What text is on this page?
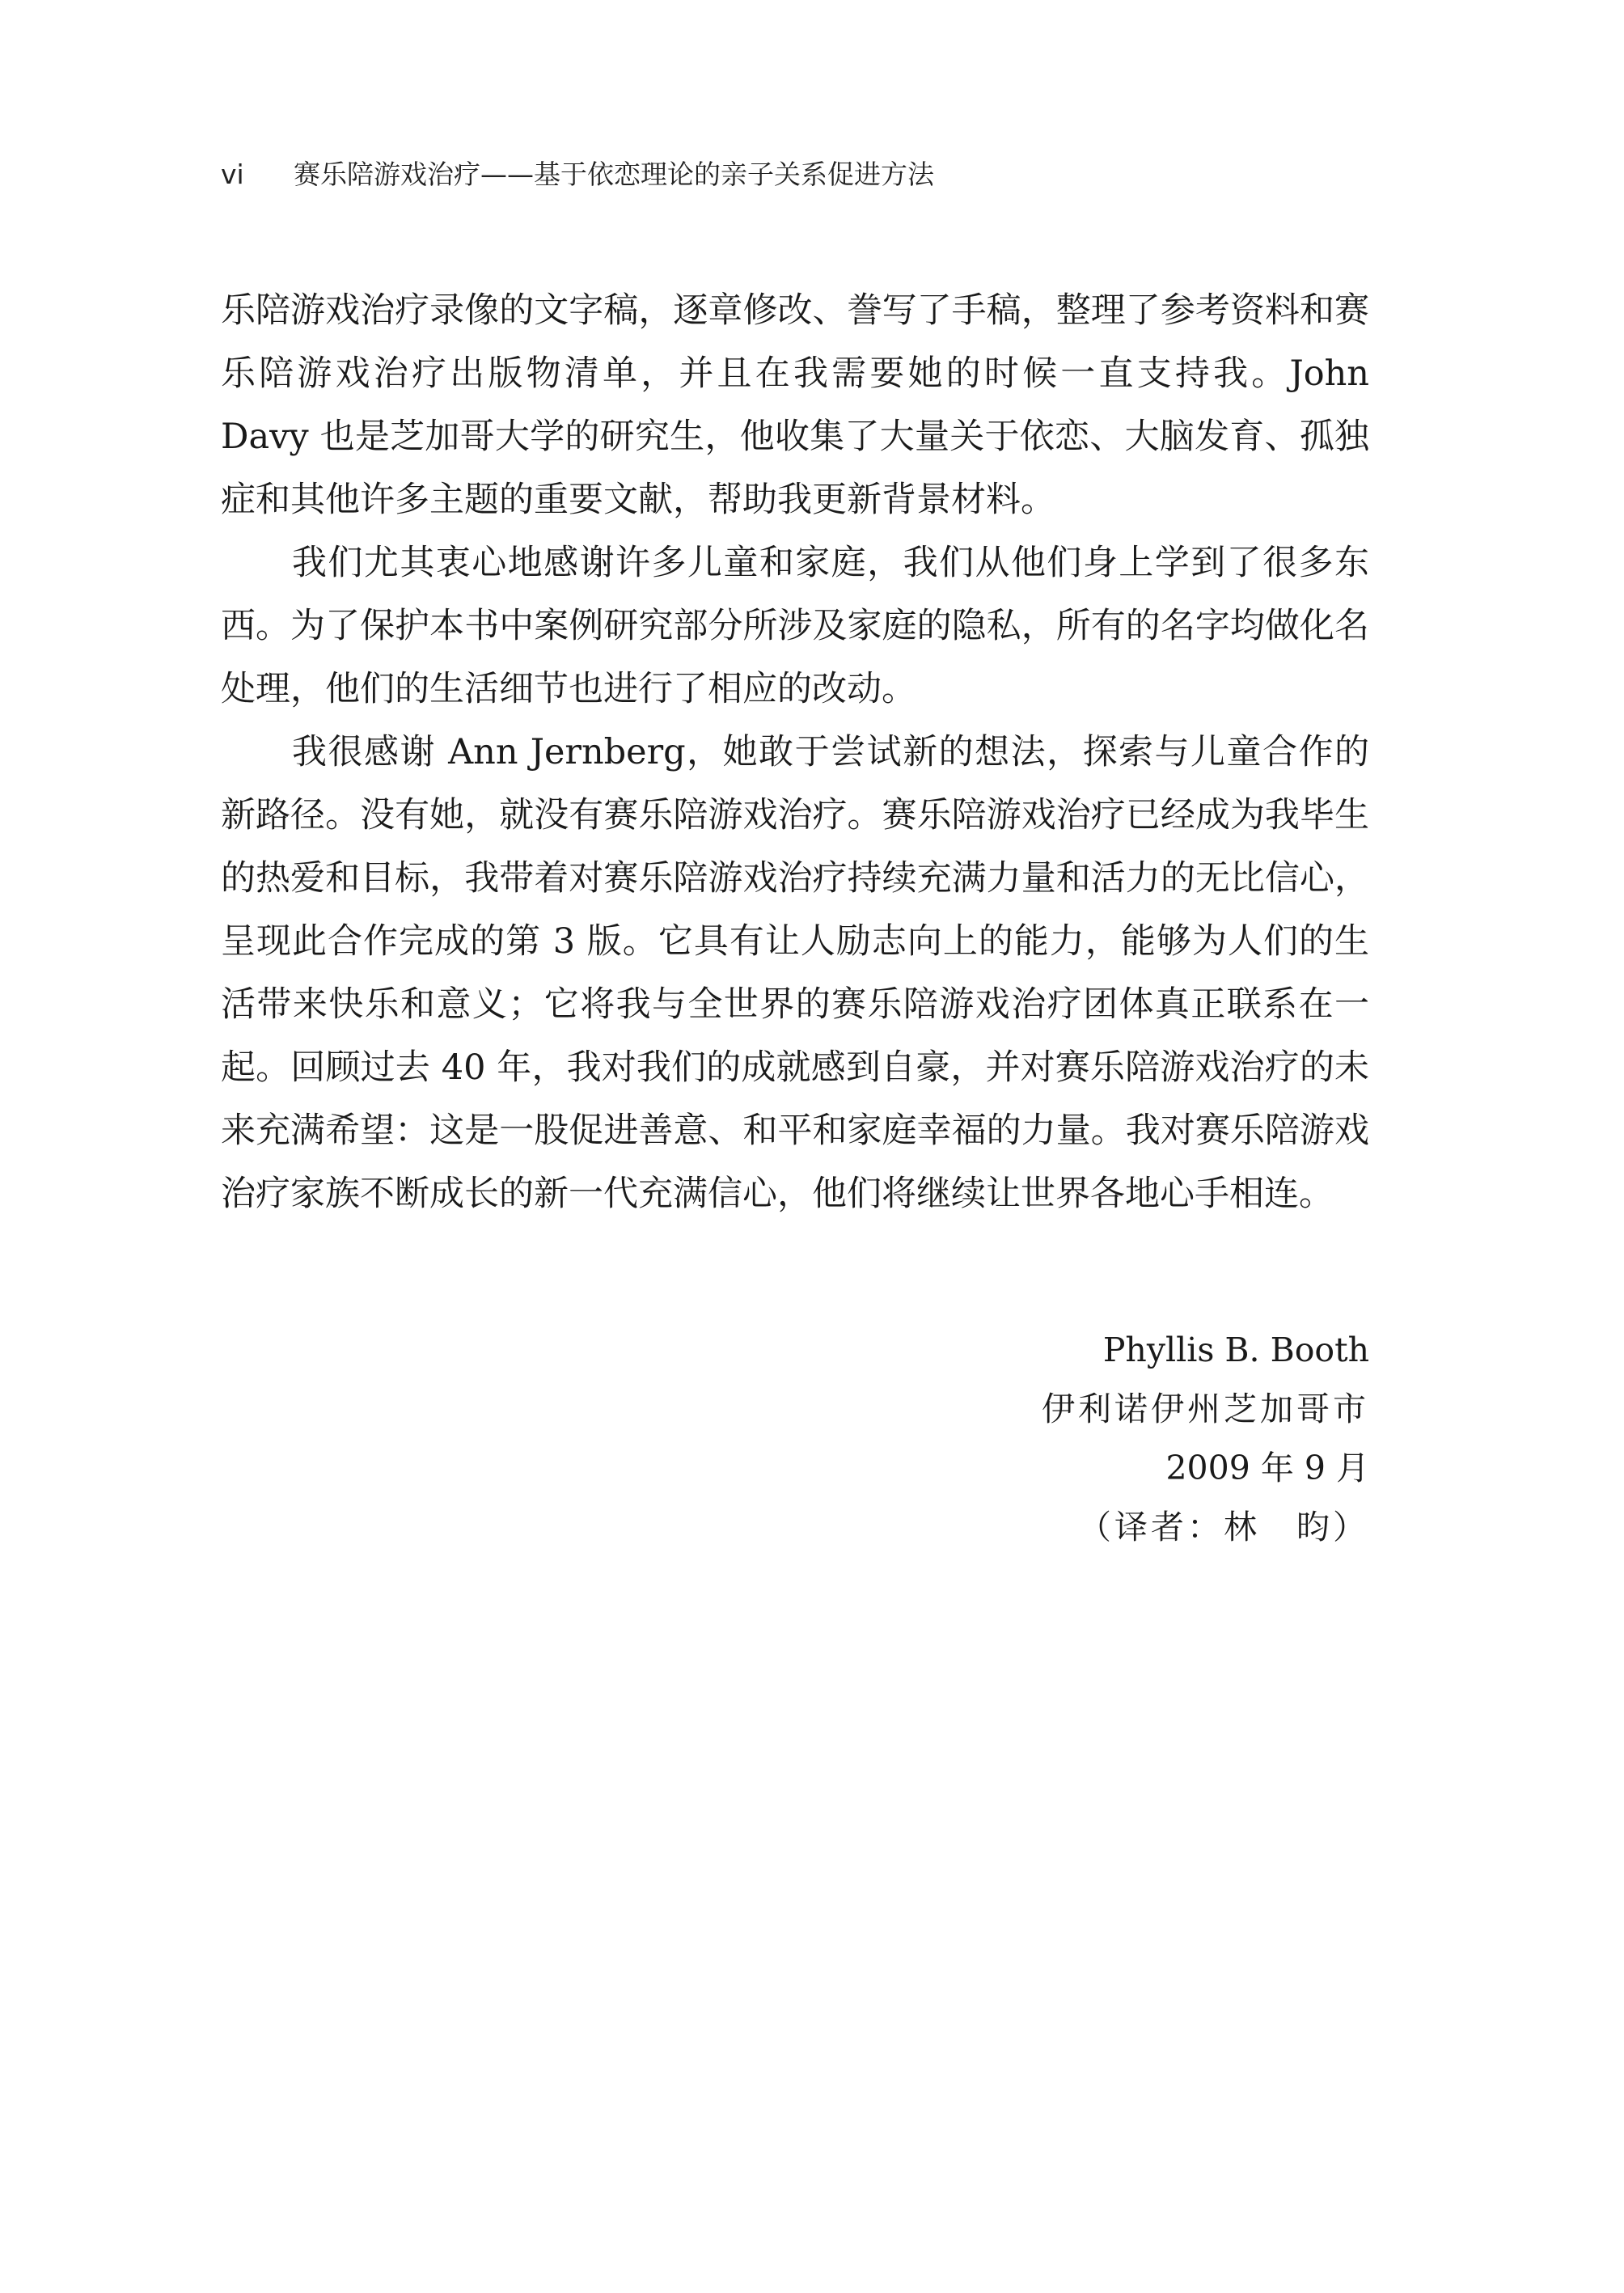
vi 赛乐陪游戏治疗——基于依恋理论的亲子关系促进方法

乐陪游戏治疗录像的文字稿，逐章修改、誊写了手稿，整理了参考资料和赛乐陪游戏治疗出版物清单，并且在我需要她的时候一直支持我。John Davy 也是芝加哥大学的研究生，他收集了大量关于依恋、大脑发育、孤独症和其他许多主题的重要文献，帮助我更新背景材料。

我们尤其衷心地感谢许多儿童和家庭，我们从他们身上学到了很多东西。为了保护本书中案例研究部分所涉及家庭的隐私，所有的名字均做化名处理，他们的生活细节也进行了相应的改动。

我很感谢 Ann Jernberg，她敢于尝试新的想法，探索与儿童合作的新路径。没有她，就没有赛乐陪游戏治疗。赛乐陪游戏治疗已经成为我毕生的热爱和目标，我带着对赛乐陪游戏治疗持续充满力量和活力的无比信心，呈现此合作完成的第 3 版。它具有让人励志向上的能力，能够为人们的生活带来快乐和意义；它将我与全世界的赛乐陪游戏治疗团体真正联系在一起。回顾过去 40 年，我对我们的成就感到自豪，并对赛乐陪游戏治疗的未来充满希望：这是一股促进善意、和平和家庭幸福的力量。我对赛乐陪游戏治疗家族不断成长的新一代充满信心，他们将继续让世界各地心手相连。

Phyllis B. Booth
伊利诺伊州芝加哥市
2009 年 9 月
（译者：林　昀）
